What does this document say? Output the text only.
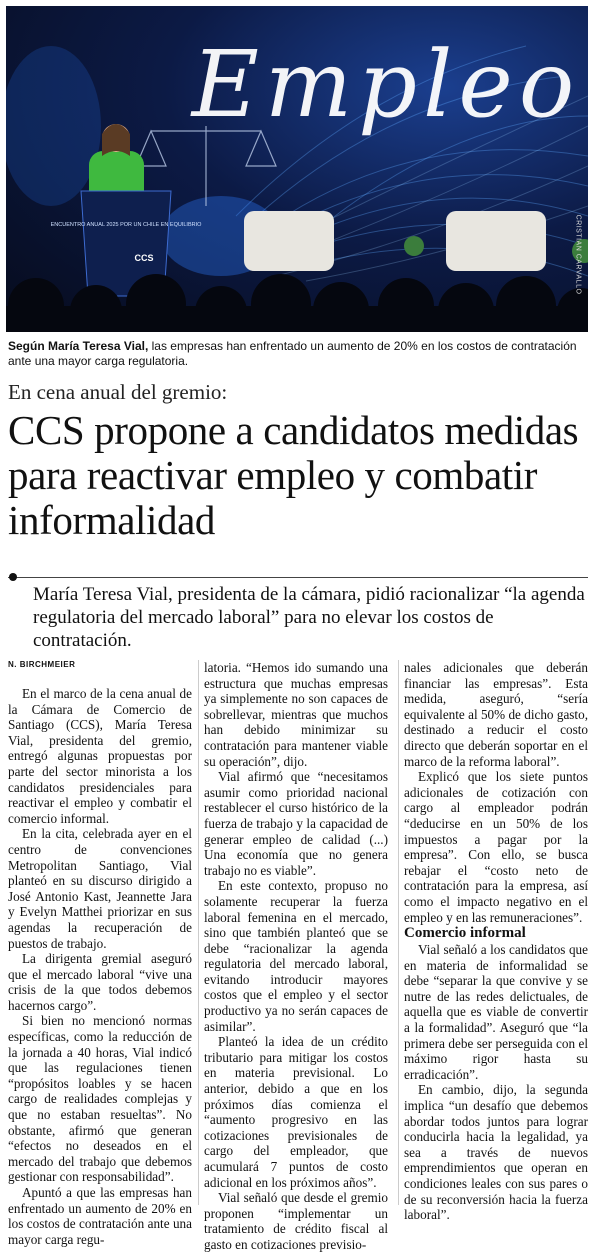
ENCUENTRO ANUAL 2025 POR UN CHILE EN EQUILIBRIO
CCS
Empleo
CRISTIAN CARVALLO
Según María Teresa Vial, las empresas han enfrentado un aumento de 20% en los costos de contratación ante una mayor carga regulatoria.
En cena anual del gremio:
CCS propone a candidatos medidas para reactivar empleo y combatir informalidad
María Teresa Vial, presidenta de la cámara, pidió racionalizar “la agenda regulatoria del mercado laboral” para no elevar los costos de contratación.
N. BIRCHMEIER

En el marco de la cena anual de la Cámara de Comercio de Santiago (CCS), María Teresa Vial, presidenta del gremio, entregó algunas propuestas por parte del sector minorista a los candidatos presidenciales para reactivar el empleo y combatir el comercio informal.

En la cita, celebrada ayer en el centro de convenciones Metropolitan Santiago, Vial planteó en su discurso dirigido a José Antonio Kast, Jeannette Jara y Evelyn Matthei priorizar en sus agendas la recuperación de puestos de trabajo.

La dirigenta gremial aseguró que el mercado laboral “vive una crisis de la que todos debemos hacernos cargo”.

Si bien no mencionó normas específicas, como la reducción de la jornada a 40 horas, Vial indicó que las regulaciones tienen “propósitos loables y se hacen cargo de realidades complejas y que no estaban resueltas”. No obstante, afirmó que generan “efectos no deseados en el mercado del trabajo que debemos gestionar con responsabilidad”.

Apuntó a que las empresas han enfrentado un aumento de 20% en los costos de contratación ante una mayor carga regu-

latoria. “Hemos ido sumando una estructura que muchas empresas ya simplemente no son capaces de sobrellevar, mientras que muchos han debido minimizar su contratación para mantener viable su operación”, dijo.

Vial afirmó que “necesitamos asumir como prioridad nacional restablecer el curso histórico de la fuerza de trabajo y la capacidad de generar empleo de calidad (...) Una economía que no genera trabajo no es viable”.

En este contexto, propuso no solamente recuperar la fuerza laboral femenina en el mercado, sino que también planteó que se debe “racionalizar la agenda regulatoria del mercado laboral, evitando introducir mayores costos que el empleo y el sector productivo ya no serán capaces de asimilar”.

Planteó la idea de un crédito tributario para mitigar los costos en materia previsional. Lo anterior, debido a que en los próximos días comienza el “aumento progresivo en las cotizaciones previsionales de cargo del empleador, que acumulará 7 puntos de costo adicional en los próximos años”.

Vial señaló que desde el gremio proponen “implementar un tratamiento de crédito fiscal al gasto en cotizaciones previsio-

nales adicionales que deberán financiar las empresas”. Esta medida, aseguró, “sería equivalente al 50% de dicho gasto, destinado a reducir el costo directo que deberán soportar en el marco de la reforma laboral”.

Explicó que los siete puntos adicionales de cotización con cargo al empleador podrán “deducirse en un 50% de los impuestos a pagar por la empresa”. Con ello, se busca rebajar el “costo neto de contratación para la empresa, así como el impacto negativo en el empleo y en las remuneraciones”.

Comercio informal

Vial señaló a los candidatos que en materia de informalidad se debe “separar la que convive y se nutre de las redes delictuales, de aquella que es viable de convertir a la formalidad”. Aseguró que “la primera debe ser perseguida con el máximo rigor hasta su erradicación”.

En cambio, dijo, la segunda implica “un desafío que debemos abordar todos juntos para lograr conducirla hacia la legalidad, ya sea a través de nuevos emprendimientos que operan en condiciones leales con sus pares o de su reconversión hacia la fuerza laboral”.
